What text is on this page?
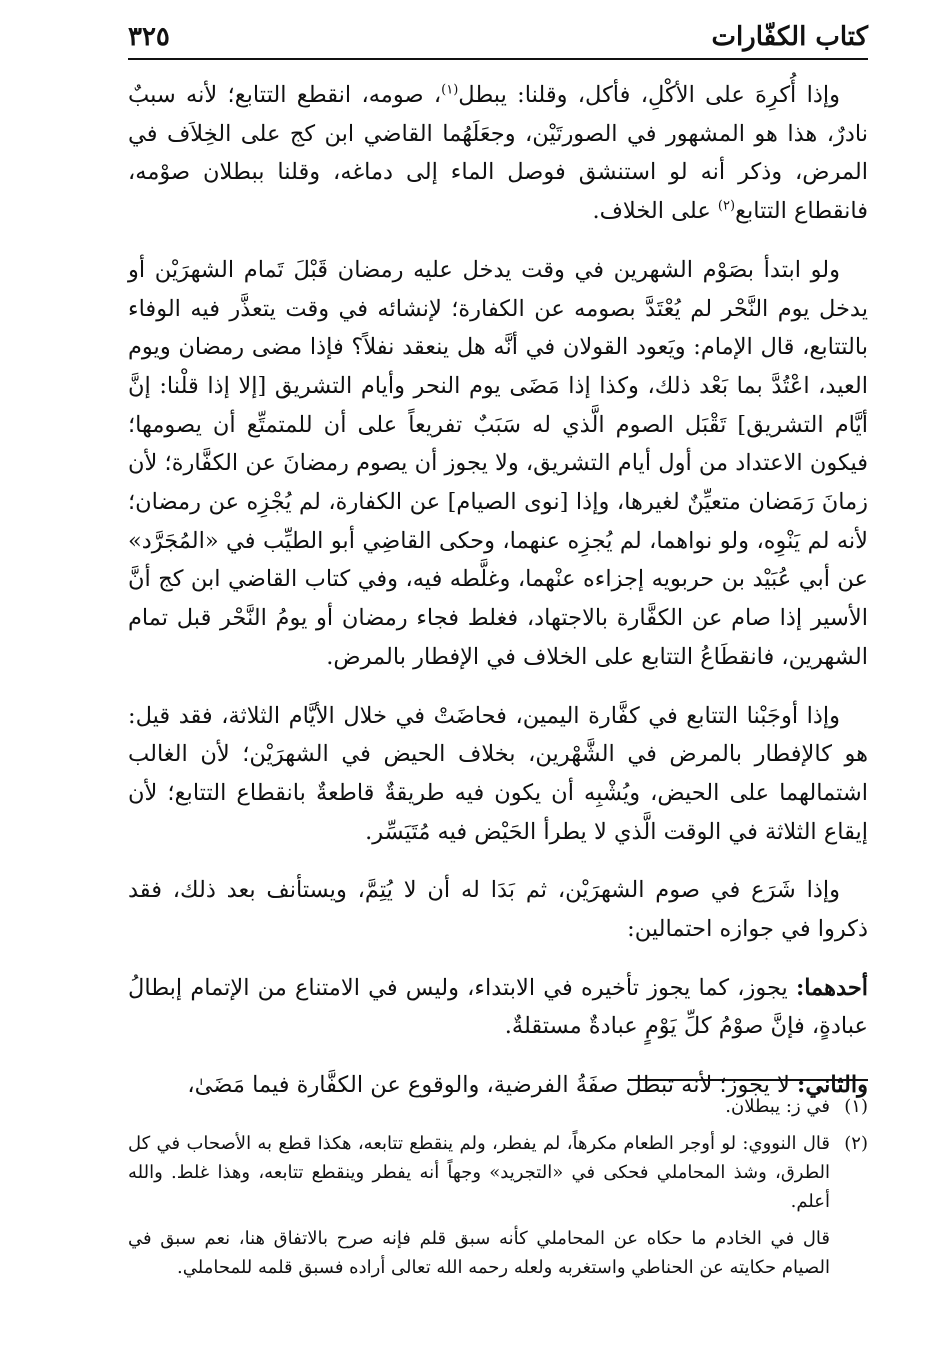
كتاب الكفّارات
٣٢٥

وإذا أُكرِهَ على الأكْلِ، فأكل، وقلنا: يبطل$^{(١)}$، صومه، انقطع التتابع؛ لأنه سببٌ نادرٌ، هذا هو المشهور في الصورتَيْن، وجعَلَهُما القاضي ابن كج على الخِلاَف في المرض، وذكر أنه لو استنشق فوصل الماء إلى دماغه، وقلنا ببطلان صوْمه، فانقطاع التتابع$^{(٢)}$ على الخلاف.

ولو ابتدأ بصَوْم الشهرين في وقت يدخل عليه رمضان قَبْلَ تَمام الشهرَيْن أو يدخل يوم النَّحْر لم يُعْتَدَّ بصومه عن الكفارة؛ لإنشائه في وقت يتعذَّر فيه الوفاء بالتتابع، قال الإمام: ويَعود القولان في أنَّه هل ينعقد نفلاً؟ فإذا مضى رمضان ويوم العيد، اعْتُدَّ بما بَعْد ذلك، وكذا إذا مَضَى يوم النحر وأيام التشريق [إلا إذا قلْنا: إنَّ أيَّام التشريق] تَقْبَل الصوم الَّذي له سَبَبٌ تفريعاً على أن للمتمتِّع أن يصومها؛ فيكون الاعتداد من أول أيام التشريق، ولا يجوز أن يصوم رمضانَ عن الكفَّارة؛ لأن زمانَ رَمَضان متعيِّنٌ لغيرها، وإذا [نوى الصيام] عن الكفارة، لم يُجْزِه عن رمضان؛ لأنه لم يَنْوِه، ولو نواهما، لم يُجزِه عنهما، وحكى القاضِي أبو الطيِّب في «المُجَرَّد» عن أبي عُبَيْد بن حربويه إجزاءه عنْهما، وغلَّطه فيه، وفي كتاب القاضي ابن كج أنَّ الأسير إذا صام عن الكفَّارة بالاجتهاد، فغلط فجاء رمضان أو يومُ النَّحْر قبل تمام الشهرين، فانقطَاعُ التتابع على الخلاف في الإفطار بالمرض.

وإذا أوجَبْنا التتابع في كفَّارة اليمين، فحاضَتْ في خلال الأيَّام الثلاثة، فقد قيل: هو كالإفطار بالمرض في الشَّهْرين، بخلاف الحيض في الشهرَيْن؛ لأن الغالب اشتمالهما على الحيض، ويُشْبِه أن يكون فيه طريقةٌ قاطعةٌ بانقطاع التتابع؛ لأن إيقاع الثلاثة في الوقت الَّذي لا يطرأ الحَيْض فيه مُتَيَسِّر.

وإذا شَرَع في صوم الشهرَيْن، ثم بَدَا له أن لا يُتِمَّ، ويستأنف بعد ذلك، فقد ذكروا في جوازه احتمالين:

أحدهما: يجوز، كما يجوز تأخيره في الابتداء، وليس في الامتناع من الإتمام إبطالُ عبادةٍ، فإنَّ صوْمُ كلِّ يَوْمٍ عبادةٌ مستقلةٌ.

والثاني: لا يجوز؛ لأنه تبطل صفَةُ الفرضية، والوقوع عن الكفَّارة فيما مَضَىٰ،

(١)
في ز: يبطلان.
(٢)
قال النووي: لو أوجر الطعام مكرهاً، لم يفطر، ولم ينقطع تتابعه، هكذا قطع به الأصحاب في كل الطرق، وشذ المحاملي فحكى في «التجريد» وجهاً أنه يفطر وينقطع تتابعه، وهذا غلط. والله أعلم.
قال في الخادم ما حكاه عن المحاملي كأنه سبق قلم فإنه صرح بالاتفاق هنا، نعم سبق في الصيام حكايته عن الحناطي واستغربه ولعله رحمه الله تعالى أراده فسبق قلمه للمحاملي.
